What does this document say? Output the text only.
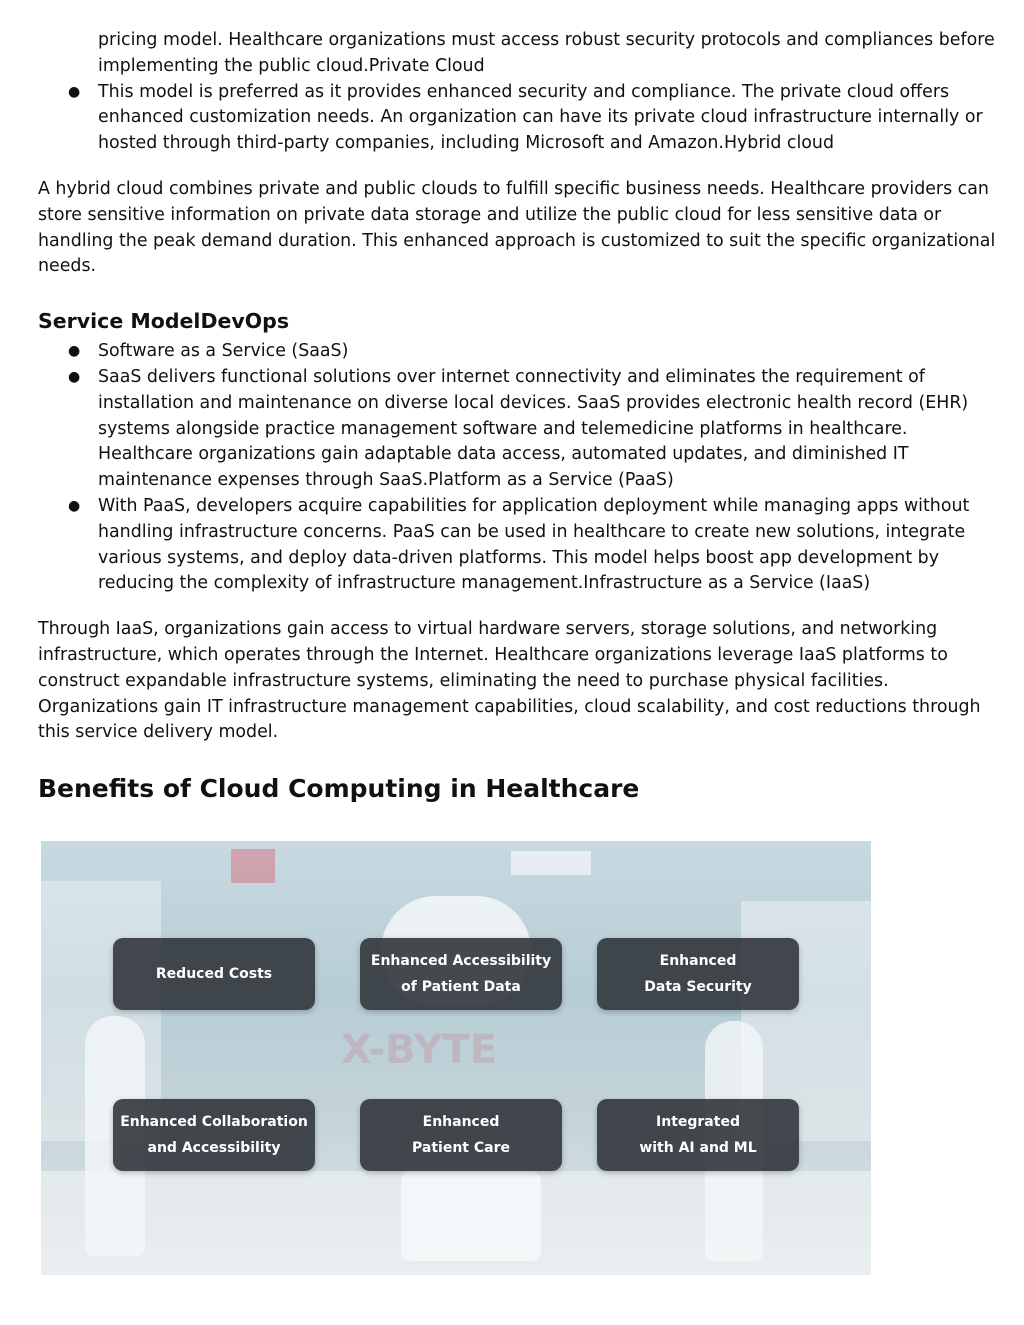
pricing model. Healthcare organizations must access robust security protocols and compliances before implementing the public cloud.Private Cloud
● This model is preferred as it provides enhanced security and compliance. The private cloud offers enhanced customization needs. An organization can have its private cloud infrastructure internally or hosted through third-party companies, including Microsoft and Amazon.Hybrid cloud

A hybrid cloud combines private and public clouds to fulfill specific business needs. Healthcare providers can store sensitive information on private data storage and utilize the public cloud for less sensitive data or handling the peak demand duration. This enhanced approach is customized to suit the specific organizational needs.

Service ModelDevOps
● Software as a Service (SaaS)
● SaaS delivers functional solutions over internet connectivity and eliminates the requirement of installation and maintenance on diverse local devices. SaaS provides electronic health record (EHR) systems alongside practice management software and telemedicine platforms in healthcare. Healthcare organizations gain adaptable data access, automated updates, and diminished IT maintenance expenses through SaaS.Platform as a Service (PaaS)
● With PaaS, developers acquire capabilities for application deployment while managing apps without handling infrastructure concerns. PaaS can be used in healthcare to create new solutions, integrate various systems, and deploy data-driven platforms. This model helps boost app development by reducing the complexity of infrastructure management.Infrastructure as a Service (IaaS)

Through IaaS, organizations gain access to virtual hardware servers, storage solutions, and networking infrastructure, which operates through the Internet. Healthcare organizations leverage IaaS platforms to construct expandable infrastructure systems, eliminating the need to purchase physical facilities. Organizations gain IT infrastructure management capabilities, cloud scalability, and cost reductions through this service delivery model.

Benefits of Cloud Computing in Healthcare
X-BYTE
Reduced Costs
Enhanced Accessibility
of Patient Data
Enhanced
Data Security
Enhanced Collaboration
and Accessibility
Enhanced
Patient Care
Integrated
with AI and ML
